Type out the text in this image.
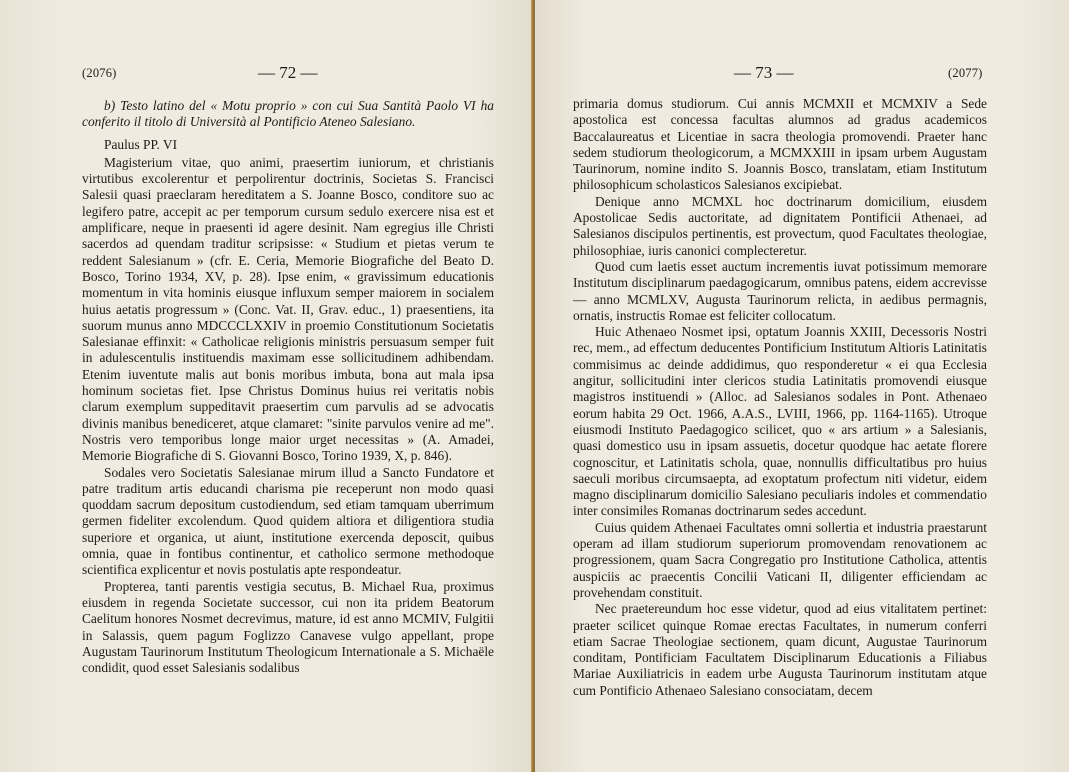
(2076)	— 72 —

b) Testo latino del « Motu proprio » con cui Sua Santità Paolo VI ha conferito il titolo di Università al Pontificio Ateneo Salesiano.

Paulus PP. VI

Magisterium vitae, quo animi, praesertim iuniorum, et christianis virtutibus excolerentur et perpolirentur doctrinis, Societas S. Francisci Salesii quasi praeclaram hereditatem a S. Joanne Bosco, conditore suo ac legifero patre, accepit ac per temporum cursum sedulo exercere nisa est et amplificare, neque in praesenti id agere desinit. Nam egregius ille Christi sacerdos ad quendam traditur scripsisse: « Studium et pietas verum te reddent Salesianum » (cfr. E. Ceria, Memorie Biografiche del Beato D. Bosco, Torino 1934, XV, p. 28). Ipse enim, « gravissimum educationis momentum in vita hominis eiusque influxum semper maiorem in socialem huius aetatis progressum » (Conc. Vat. II, Grav. educ., 1) praesentiens, ita suorum munus anno MDCCCLXXIV in proemio Constitutionum Societatis Salesianae effinxit: « Catholicae religionis ministris persuasum semper fuit in adulescentulis instituendis maximam esse sollicitudinem adhibendam. Etenim iuventute malis aut bonis moribus imbuta, bona aut mala ipsa hominum societas fiet. Ipse Christus Dominus huius rei veritatis nobis clarum exemplum suppeditavit praesertim cum parvulis ad se advocatis divinis manibus benediceret, atque clamaret: "sinite parvulos venire ad me". Nostris vero temporibus longe maior urget necessitas » (A. Amadei, Memorie Biografiche di S. Giovanni Bosco, Torino 1939, X, p. 846).

Sodales vero Societatis Salesianae mirum illud a Sancto Fundatore et patre traditum artis educandi charisma pie receperunt non modo quasi quoddam sacrum depositum custodiendum, sed etiam tamquam uberrimum germen fideliter excolendum. Quod quidem altiora et diligentiora studia superiore et organica, ut aiunt, institutione exercenda deposcit, quibus omnia, quae in fontibus continentur, et catholico sermone methodoque scientifica explicentur et novis postulatis apte respondeatur.

Propterea, tanti parentis vestigia secutus, B. Michael Rua, proximus eiusdem in regenda Societate successor, cui non ita pridem Beatorum Caelitum honores Nosmet decrevimus, mature, id est anno MCMIV, Fulgitii in Salassis, quem pagum Foglizzo Canavese vulgo appellant, prope Augustam Taurinorum Institutum Theologicum Internationale a S. Michaële condidit, quod esset Salesianis sodalibus

— 73 —	(2077)

primaria domus studiorum. Cui annis MCMXII et MCMXIV a Sede apostolica est concessa facultas alumnos ad gradus academicos Baccalaureatus et Licentiae in sacra theologia promovendi. Praeter hanc sedem studiorum theologicorum, a MCMXXIII in ipsam urbem Augustam Taurinorum, nomine indito S. Joannis Bosco, translatam, etiam Institutum philosophicum scholasticos Salesianos excipiebat.

Denique anno MCMXL hoc doctrinarum domicilium, eiusdem Apostolicae Sedis auctoritate, ad dignitatem Pontificii Athenaei, ad Salesianos discipulos pertinentis, est provectum, quod Facultates theologiae, philosophiae, iuris canonici complecteretur.

Quod cum laetis esset auctum incrementis iuvat potissimum memorare Institutum disciplinarum paedagogicarum, omnibus patens, eidem accrevisse — anno MCMLXV, Augusta Taurinorum relicta, in aedibus permagnis, ornatis, instructis Romae est feliciter collocatum.

Huic Athenaeo Nosmet ipsi, optatum Joannis XXIII, Decessoris Nostri rec, mem., ad effectum deducentes Pontificium Institutum Altioris Latinitatis commisimus ac deinde addidimus, quo responderetur « ei qua Ecclesia angitur, sollicitudini inter clericos studia Latinitatis promovendi eiusque magistros instituendi » (Alloc. ad Salesianos sodales in Pont. Athenaeo eorum habita 29 Oct. 1966, A.A.S., LVIII, 1966, pp. 1164-1165). Utroque eiusmodi Instituto Paedagogico scilicet, quo « ars artium » a Salesianis, quasi domestico usu in ipsam assuetis, docetur quodque hac aetate florere cognoscitur, et Latinitatis schola, quae, nonnullis difficultatibus pro huius saeculi moribus circumsaepta, ad exoptatum profectum niti videtur, eidem magno disciplinarum domicilio Salesiano peculiaris indoles et commendatio inter consimiles Romanas doctrinarum sedes accedunt.

Cuius quidem Athenaei Facultates omni sollertia et industria praestarunt operam ad illam studiorum superiorum promovendam renovationem ac progressionem, quam Sacra Congregatio pro Institutione Catholica, attentis auspiciis ac praecentis Concilii Vaticani II, diligenter efficiendam ac provehendam constituit.

Nec praetereundum hoc esse videtur, quod ad eius vitalitatem pertinet: praeter scilicet quinque Romae erectas Facultates, in numerum conferri etiam Sacrae Theologiae sectionem, quam dicunt, Augustae Taurinorum conditam, Pontificiam Facultatem Disciplinarum Educationis a Filiabus Mariae Auxiliatricis in eadem urbe Augusta Taurinorum institutam atque cum Pontificio Athenaeo Salesiano consociatam, decem
